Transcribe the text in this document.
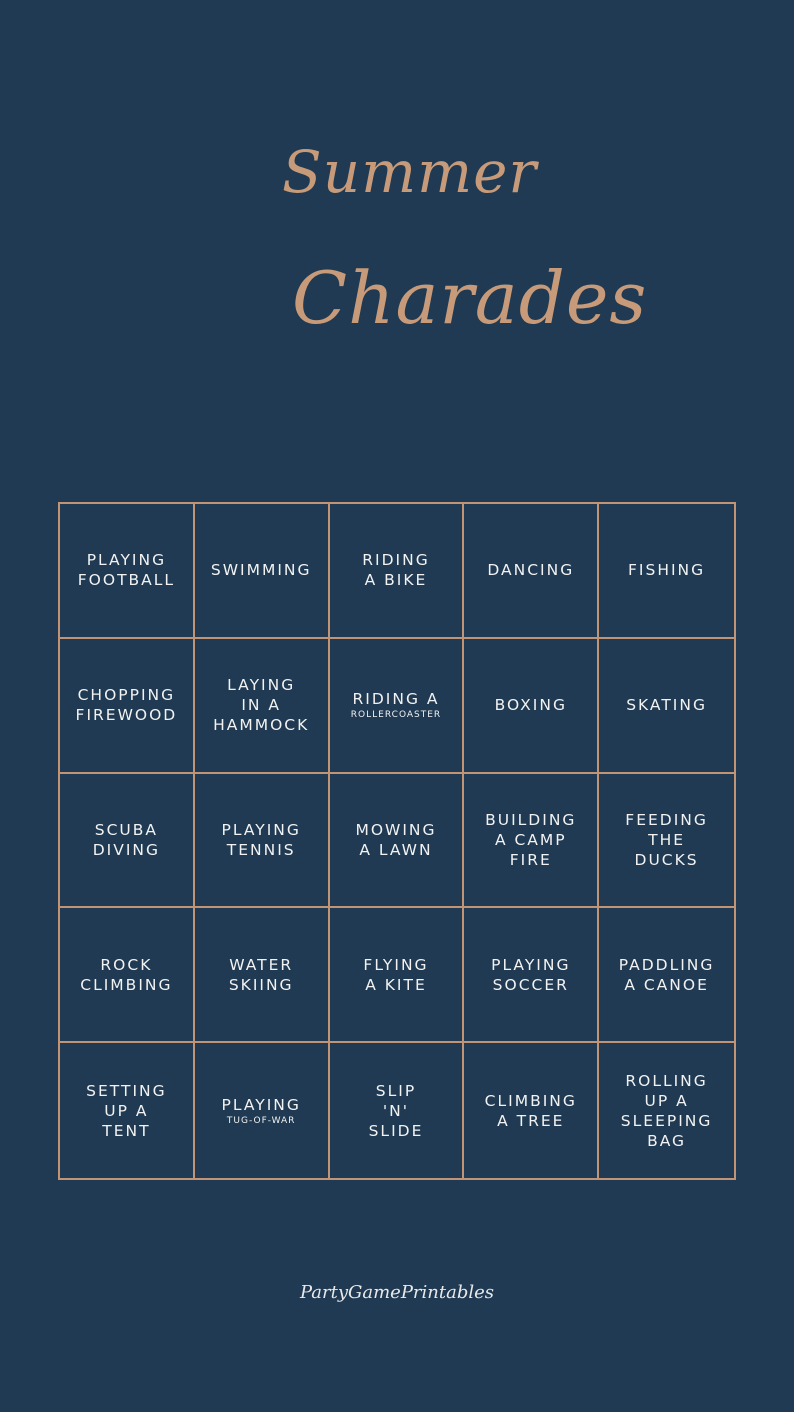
Summer
Charades
PLAYING
FOOTBALL
SWIMMING
RIDING
A BIKE
DANCING	FISHING
CHOPPING
FIREWOOD
LAYING
IN A
HAMMOCK
RIDING A
ROLLERCOASTER
BOXING	SKATING
SCUBA
DIVING
PLAYING
TENNIS
MOWING
A LAWN
BUILDING
A CAMP
FIRE
FEEDING
THE
DUCKS
ROCK
CLIMBING
WATER
SKIING
FLYING
A KITE
PLAYING
SOCCER
PADDLING
A CANOE
SETTING
UP A
TENT
PLAYING
TUG-OF-WAR
SLIP
'N'
SLIDE
CLIMBING
A TREE
ROLLING
UP A
SLEEPING
BAG
PartyGamePrintables
